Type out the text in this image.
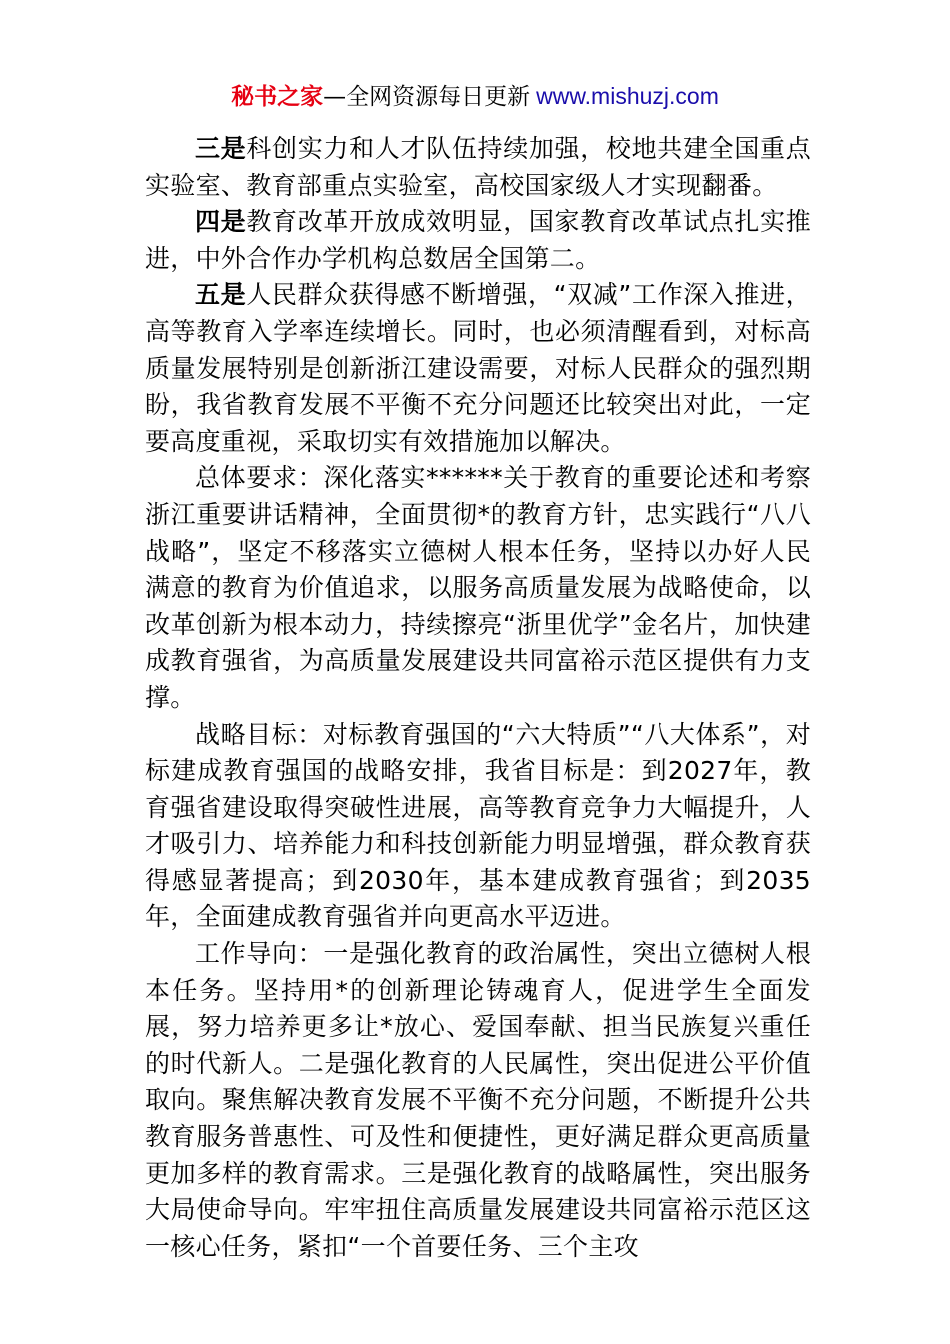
秘书之家—全网资源每日更新 www.mishuzj.com

三是科创实力和人才队伍持续加强，校地共建全国重点实验室、教育部重点实验室，高校国家级人才实现翻番。

四是教育改革开放成效明显，国家教育改革试点扎实推进，中外合作办学机构总数居全国第二。

五是人民群众获得感不断增强，“双减”工作深入推进，高等教育入学率连续增长。同时，也必须清醒看到，对标高质量发展特别是创新浙江建设需要，对标人民群众的强烈期盼，我省教育发展不平衡不充分问题还比较突出对此，一定要高度重视，采取切实有效措施加以解决。

总体要求：深化落实******关于教育的重要论述和考察浙江重要讲话精神，全面贯彻*的教育方针，忠实践行“八八战略”，坚定不移落实立德树人根本任务，坚持以办好人民满意的教育为价值追求，以服务高质量发展为战略使命，以改革创新为根本动力，持续擦亮“浙里优学”金名片，加快建成教育强省，为高质量发展建设共同富裕示范区提供有力支撑。

战略目标：对标教育强国的“六大特质”“八大体系”，对标建成教育强国的战略安排，我省目标是：到2027年，教育强省建设取得突破性进展，高等教育竞争力大幅提升，人才吸引力、培养能力和科技创新能力明显增强，群众教育获得感显著提高；到2030年，基本建成教育强省；到2035年，全面建成教育强省并向更高水平迈进。

工作导向：一是强化教育的政治属性，突出立德树人根本任务。坚持用*的创新理论铸魂育人，促进学生全面发展，努力培养更多让*放心、爱国奉献、担当民族复兴重任的时代新人。二是强化教育的人民属性，突出促进公平价值取向。聚焦解决教育发展不平衡不充分问题，不断提升公共教育服务普惠性、可及性和便捷性，更好满足群众更高质量更加多样的教育需求。三是强化教育的战略属性，突出服务大局使命导向。牢牢扭住高质量发展建设共同富裕示范区这一核心任务，紧扣“一个首要任务、三个主攻
